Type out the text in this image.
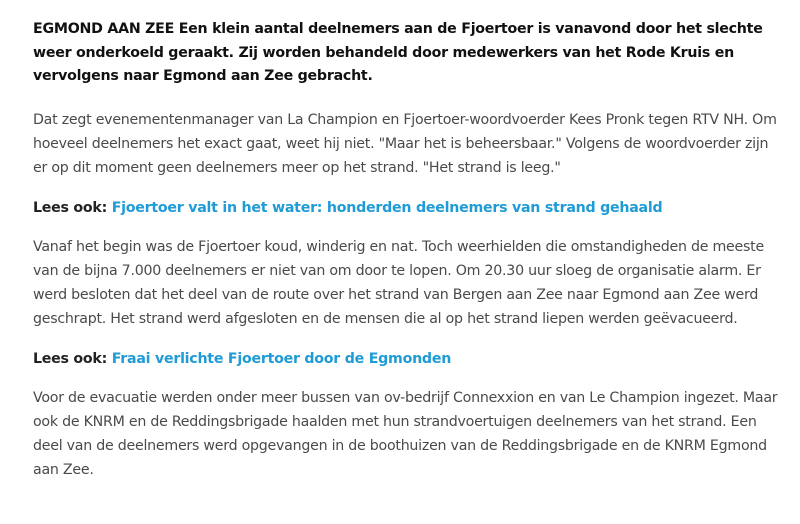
EGMOND AAN ZEE Een klein aantal deelnemers aan de Fjoertoer is vanavond door het slechte weer onderkoeld geraakt. Zij worden behandeld door medewerkers van het Rode Kruis en vervolgens naar Egmond aan Zee gebracht.

Dat zegt evenementenmanager van La Champion en Fjoertoer-woordvoerder Kees Pronk tegen RTV NH. Om hoeveel deelnemers het exact gaat, weet hij niet. "Maar het is beheersbaar." Volgens de woordvoerder zijn er op dit moment geen deelnemers meer op het strand. "Het strand is leeg."

Lees ook: Fjoertoer valt in het water: honderden deelnemers van strand gehaald

Vanaf het begin was de Fjoertoer koud, winderig en nat. Toch weerhielden die omstandigheden de meeste van de bijna 7.000 deelnemers er niet van om door te lopen. Om 20.30 uur sloeg de organisatie alarm. Er werd besloten dat het deel van de route over het strand van Bergen aan Zee naar Egmond aan Zee werd geschrapt. Het strand werd afgesloten en de mensen die al op het strand liepen werden geëvacueerd.

Lees ook: Fraai verlichte Fjoertoer door de Egmonden

Voor de evacuatie werden onder meer bussen van ov-bedrijf Connexxion en van Le Champion ingezet. Maar ook de KNRM en de Reddingsbrigade haalden met hun strandvoertuigen deelnemers van het strand. Een deel van de deelnemers werd opgevangen in de boothuizen van de Reddingsbrigade en de KNRM Egmond aan Zee.
